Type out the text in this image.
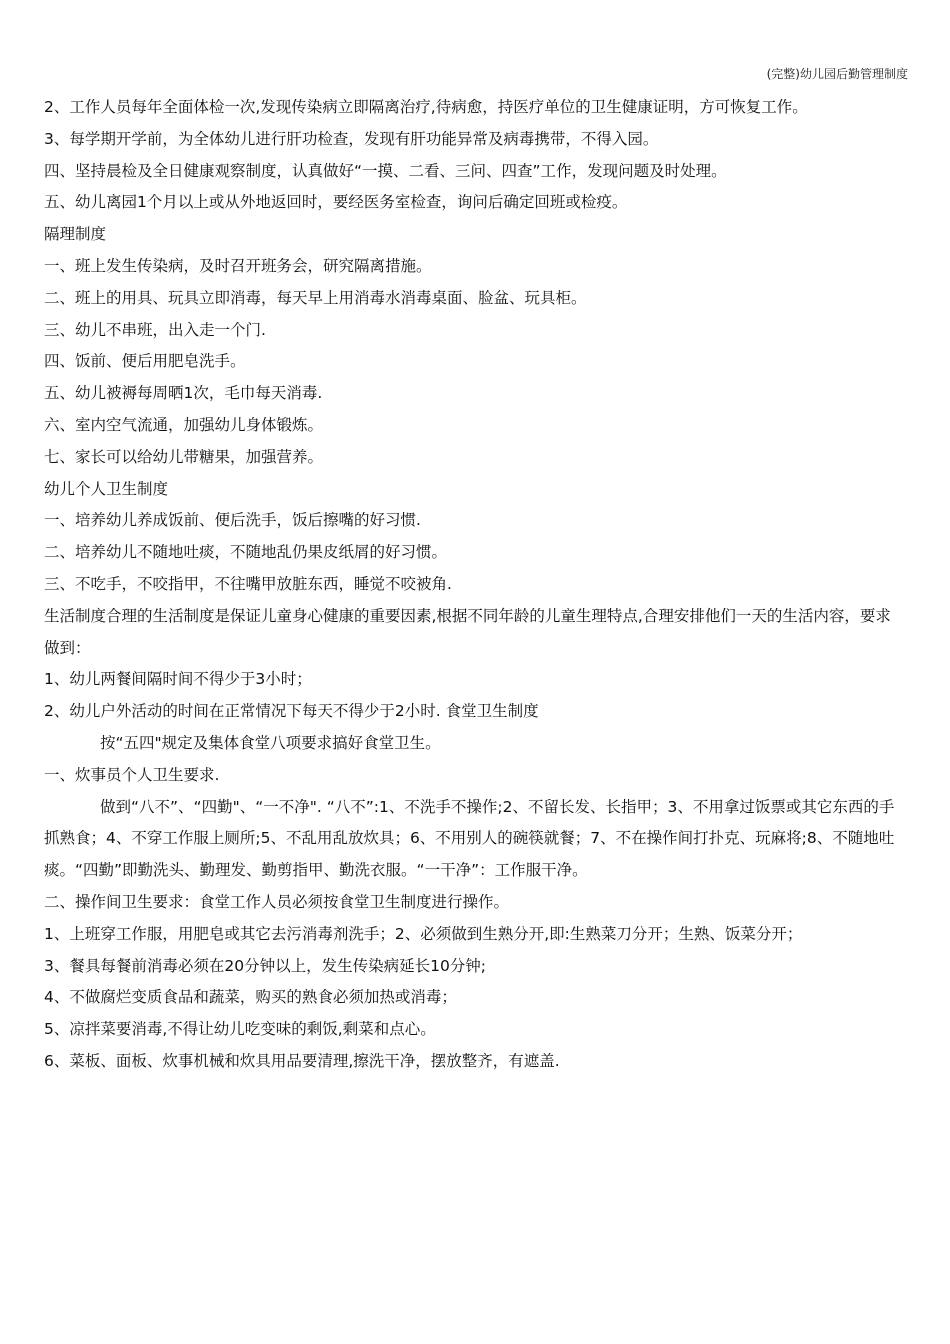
(完整)幼儿园后勤管理制度

2、工作人员每年全面体检一次,发现传染病立即隔离治疗,待病愈，持医疗单位的卫生健康证明，方可恢复工作。

3、每学期开学前，为全体幼儿进行肝功检查，发现有肝功能异常及病毒携带，不得入园。

四、坚持晨检及全日健康观察制度，认真做好“一摸、二看、三问、四查”工作，发现问题及时处理。

五、幼儿离园1个月以上或从外地返回时，要经医务室检查，询问后确定回班或检疫。

隔理制度

一、班上发生传染病，及时召开班务会，研究隔离措施。

二、班上的用具、玩具立即消毒，每天早上用消毒水消毒桌面、脸盆、玩具柜。

三、幼儿不串班，出入走一个门.

四、饭前、便后用肥皂洗手。

五、幼儿被褥每周晒1次，毛巾每天消毒.

六、室内空气流通，加强幼儿身体锻炼。

七、家长可以给幼儿带糖果，加强营养。

幼儿个人卫生制度

一、培养幼儿养成饭前、便后洗手，饭后擦嘴的好习惯.

二、培养幼儿不随地吐痰，不随地乱仍果皮纸屑的好习惯。

三、不吃手，不咬指甲，不往嘴甲放脏东西，睡觉不咬被角.

生活制度合理的生活制度是保证儿童身心健康的重要因素,根据不同年龄的儿童生理特点,合理安排他们一天的生活内容，要求做到：

1、幼儿两餐间隔时间不得少于3小时；

2、幼儿户外活动的时间在正常情况下每天不得少于2小时. 食堂卫生制度

按“五四"规定及集体食堂八项要求搞好食堂卫生。

一、炊事员个人卫生要求.

做到“八不”、“四勤"、“一不净". “八不”:1、不洗手不操作;2、不留长发、长指甲；3、不用拿过饭票或其它东西的手抓熟食；4、不穿工作服上厕所;5、不乱用乱放炊具；6、不用别人的碗筷就餐；7、不在操作间打扑克、玩麻将;8、不随地吐痰。“四勤”即勤洗头、勤理发、勤剪指甲、勤洗衣服。“一干净”：工作服干净。

二、操作间卫生要求：食堂工作人员必须按食堂卫生制度进行操作。

1、上班穿工作服，用肥皂或其它去污消毒剂洗手；2、必须做到生熟分开,即:生熟菜刀分开；生熟、饭菜分开；

3、餐具每餐前消毒必须在20分钟以上，发生传染病延长10分钟;

4、不做腐烂变质食品和蔬菜，购买的熟食必须加热或消毒；

5、凉拌菜要消毒,不得让幼儿吃变味的剩饭,剩菜和点心。

6、菜板、面板、炊事机械和炊具用品要清理,擦洗干净，摆放整齐，有遮盖.
